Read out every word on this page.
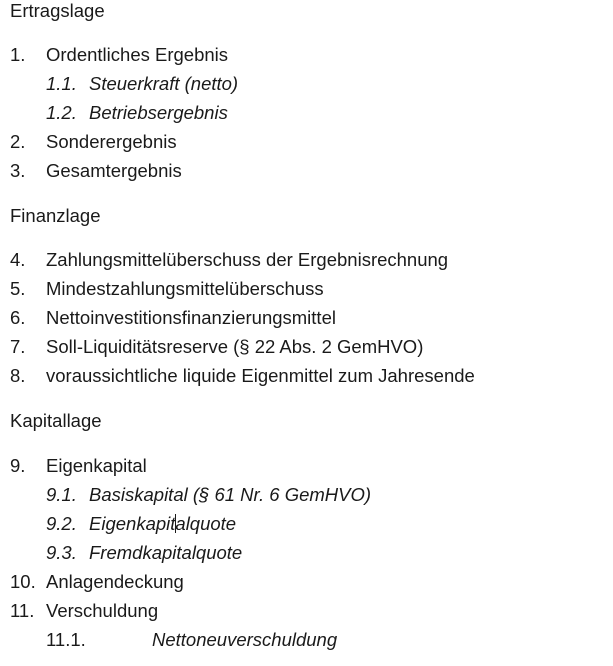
Ertragslage
1. Ordentliches Ergebnis
1.1. Steuerkraft (netto)
1.2. Betriebsergebnis
2. Sonderergebnis
3. Gesamtergebnis
Finanzlage
4. Zahlungsmittelüberschuss der Ergebnisrechnung
5. Mindestzahlungsmittelüberschuss
6. Nettoinvestitionsfinanzierungsmittel
7. Soll-Liquiditätsreserve (§ 22 Abs. 2 GemHVO)
8. voraussichtliche liquide Eigenmittel zum Jahresende
Kapitallage
9. Eigenkapital
9.1. Basiskapital (§ 61 Nr. 6 GemHVO)
9.2. Eigenkapitalquote
9.3. Fremdkapitalquote
10. Anlagendeckung
11. Verschuldung
11.1.	Nettoneuverschuldung
